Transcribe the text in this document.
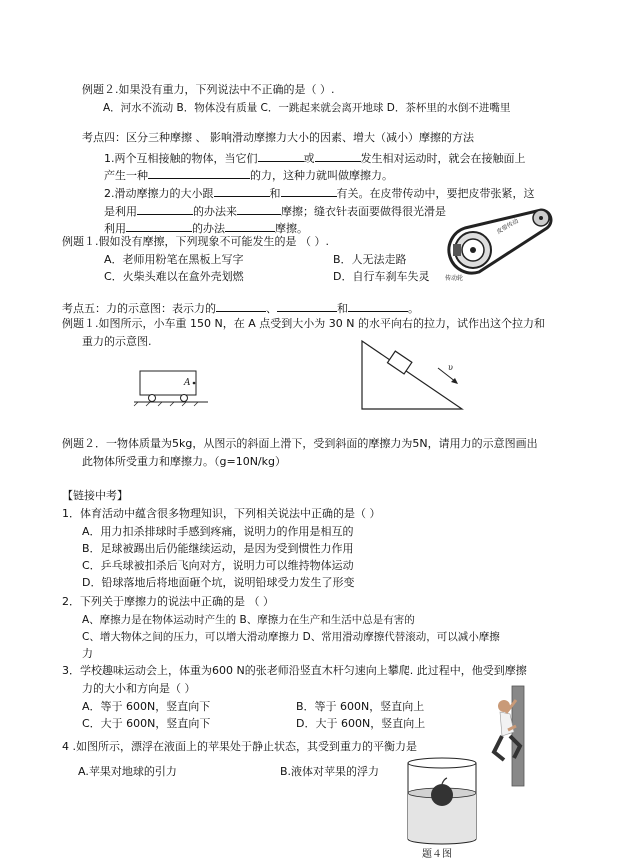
例题２.如果没有重力，下列说法中不正确的是（ ）.
A．河水不流动 B．物体没有质量 C．一跳起来就会离开地球 D．茶杯里的水倒不进嘴里
考点四：区分三种摩擦 、 影响滑动摩擦力大小的因素、增大（减小）摩擦的方法
1.两个互相接触的物体，当它们	或	发生相对运动时，就会在接触面上
产生一种	的力，这种力就叫做摩擦力。
2.滑动摩擦力的大小跟	和	有关。在皮带传动中，要把皮带张紧，这
是利用	的办法来	摩擦；缝衣针表面要做得很光滑是
利用	的办法	摩擦。	皮带传动
传动轮
例题１.假如没有摩擦，下列现象不可能发生的是 （ ）.
A．老师用粉笔在黑板上写字	B．人无法走路
C．火柴头难以在盒外壳划燃	D．自行车刹车失灵
考点五：力的示意图：表示力的	、	和	。
例题１.如图所示，小车重 150 N，在 A 点受到大小为 30 N 的水平向右的拉力，试作出这个拉力和
重力的示意图.
A
υ
例题２．一物体质量为5kg，从图示的斜面上滑下，受到斜面的摩擦力为5N，请用力的示意图画出
此物体所受重力和摩擦力。（g=10N/kg）
【链接中考】
1．体育活动中蕴含很多物理知识，下列相关说法中正确的是（ ）
A．用力扣杀排球时手感到疼痛，说明力的作用是相互的
B．足球被踢出后仍能继续运动，是因为受到惯性力作用
C．乒乓球被扣杀后飞向对方，说明力可以维持物体运动
D．铅球落地后将地面砸个坑，说明铅球受力发生了形变
2．下列关于摩擦力的说法中正确的是 （ ）
A、摩擦力是在物体运动时产生的 B、摩擦力在生产和生活中总是有害的
C、增大物体之间的压力，可以增大滑动摩擦力 D、常用滑动摩擦代替滚动，可以减小摩擦
力
3．学校趣味运动会上，体重为600 N的张老师沿竖直木杆匀速向上攀爬. 此过程中，他受到摩擦
力的大小和方向是（ ）
A．等于 600N，竖直向下	B．等于 600N，竖直向上
C．大于 600N，竖直向下	D．大于 600N，竖直向上
4 .如图所示，漂浮在液面上的苹果处于静止状态，其受到重力的平衡力是
A.苹果对地球的引力	B.液体对苹果的浮力
题４图
